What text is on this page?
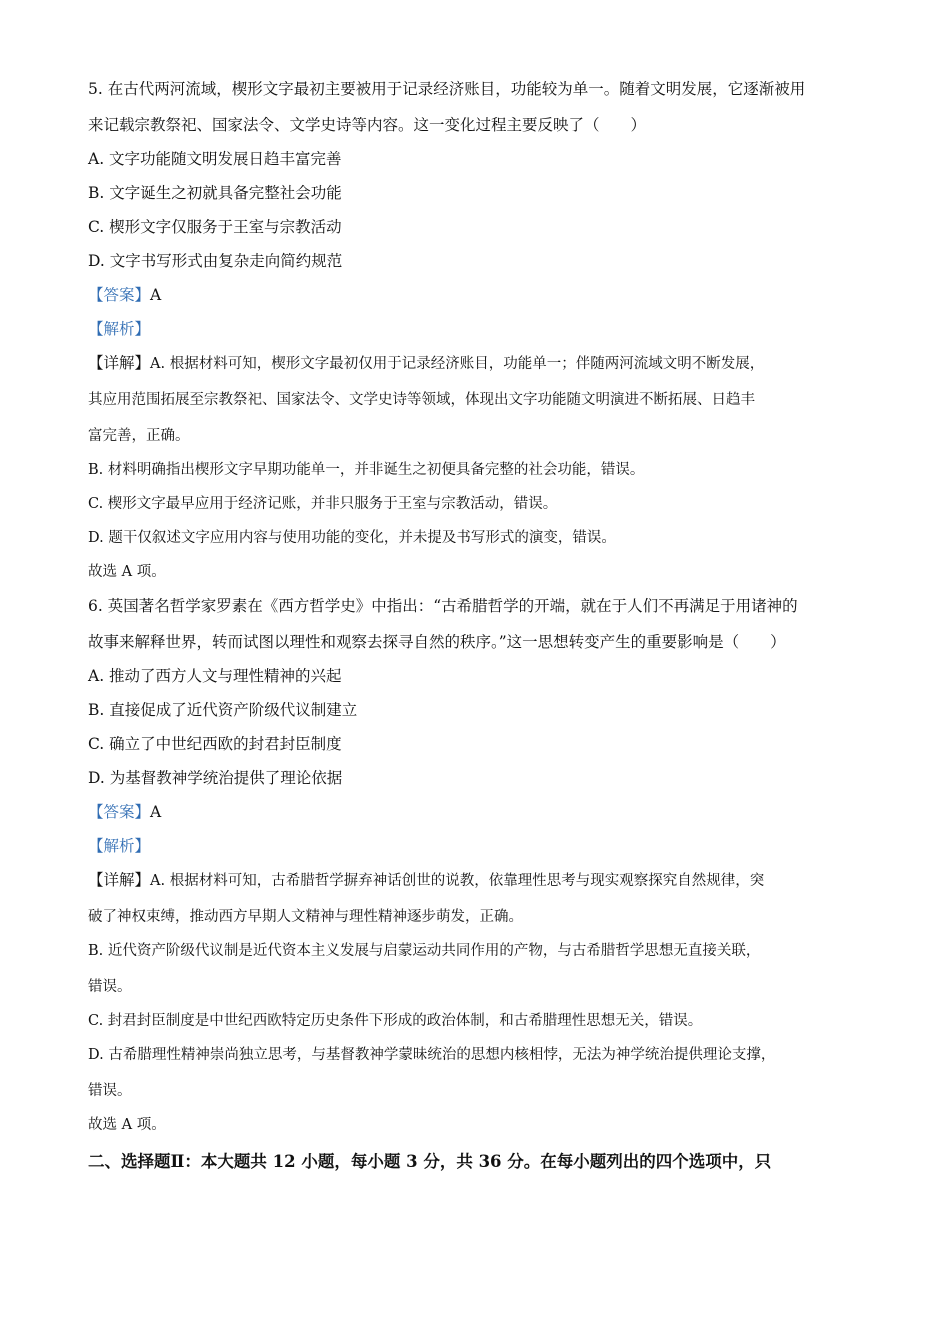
5. 在古代两河流域，楔形文字最初主要被用于记录经济账目，功能较为单一。随着文明发展，它逐渐被用
来记载宗教祭祀、国家法令、文学史诗等内容。这一变化过程主要反映了（　　）
A. 文字功能随文明发展日趋丰富完善
B. 文字诞生之初就具备完整社会功能
C. 楔形文字仅服务于王室与宗教活动
D. 文字书写形式由复杂走向简约规范
【答案】A
【解析】
【详解】A. 根据材料可知，楔形文字最初仅用于记录经济账目，功能单一；伴随两河流域文明不断发展，
其应用范围拓展至宗教祭祀、国家法令、文学史诗等领域，体现出文字功能随文明演进不断拓展、日趋丰
富完善，正确。
B. 材料明确指出楔形文字早期功能单一，并非诞生之初便具备完整的社会功能，错误。
C. 楔形文字最早应用于经济记账，并非只服务于王室与宗教活动，错误。
D. 题干仅叙述文字应用内容与使用功能的变化，并未提及书写形式的演变，错误。
故选 A 项。
6. 英国著名哲学家罗素在《西方哲学史》中指出：“古希腊哲学的开端，就在于人们不再满足于用诸神的
故事来解释世界，转而试图以理性和观察去探寻自然的秩序。”这一思想转变产生的重要影响是（　　）
A. 推动了西方人文与理性精神的兴起
B. 直接促成了近代资产阶级代议制建立
C. 确立了中世纪西欧的封君封臣制度
D. 为基督教神学统治提供了理论依据
【答案】A
【解析】
【详解】A. 根据材料可知，古希腊哲学摒弃神话创世的说教，依靠理性思考与现实观察探究自然规律，突
破了神权束缚，推动西方早期人文精神与理性精神逐步萌发，正确。
B. 近代资产阶级代议制是近代资本主义发展与启蒙运动共同作用的产物，与古希腊哲学思想无直接关联，
错误。
C. 封君封臣制度是中世纪西欧特定历史条件下形成的政治体制，和古希腊理性思想无关，错误。
D. 古希腊理性精神崇尚独立思考，与基督教神学蒙昧统治的思想内核相悖，无法为神学统治提供理论支撑，
错误。
故选 A 项。
二、选择题Ⅱ：本大题共 12 小题，每小题 3 分，共 36 分。在每小题列出的四个选项中，只
